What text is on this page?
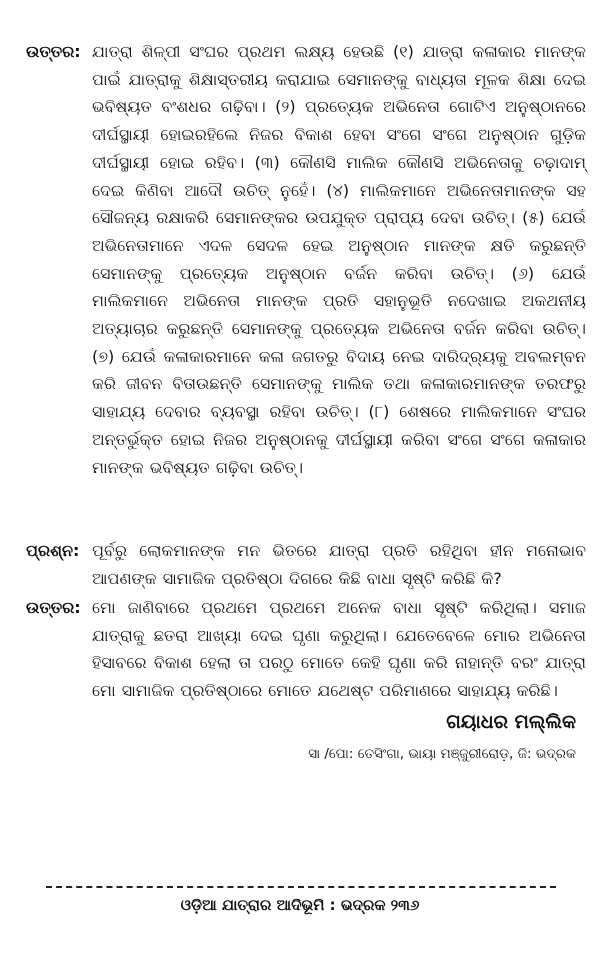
ଉତ୍ତର: ଯାତ୍ରା ଶିଳ୍ପୀ ସଂଘର ପ୍ରଥମ ଲକ୍ଷ୍ୟ ହେଉଛି (୧) ଯାତ୍ରା କଳାକାର ମାନଙ୍କ ପାଇଁ ଯାତ୍ରାକୁ ଶିକ୍ଷାସ୍ତରୀୟ କରାଯାଇ ସେମାନଙ୍କୁ ବାଧ୍ୟତା ମୂଳକ ଶିକ୍ଷା ଦେଇ ଭବିଷ୍ୟତ ବଂଶଧର ଗଢ଼ିବା। (୨) ପ୍ରତ୍ୟେକ ଅଭିନେତା ଗୋଟିଏ ଅନୁଷ୍ଠାନରେ ଦୀର୍ଘସ୍ଥାୟୀ ହୋଇରହିଲେ ନିଜର ବିକାଶ ହେବା ସଂଗେ ସଂଗେ ଅନୁଷ୍ଠାନ ଗୁଡ଼ିକ ଦୀର୍ଘସ୍ଥାୟୀ ହୋଇ ରହିବ। (୩) କୌଣସି ମାଲିକ କୌଣସି ଅଭିନେତାକୁ ଚଢ଼ାଦାମ୍ ଦେଇ କିଣିବା ଆଦୌ ଉଚିତ୍ ନୁହେଁ। (୪) ମାଲିକମାନେ ଅଭିନେତାମାନଙ୍କ ସହ ସୌଜନ୍ୟ ରକ୍ଷାକରି ସେମାନଙ୍କର ଉପଯୁକ୍ତ ପ୍ରାପ୍ୟ ଦେବା ଉଚିତ୍। (୫) ଯେଉଁ ଅଭିନେତାମାନେ ଏଦଳ ସେଦଳ ହେଇ ଅନୁଷ୍ଠାନ ମାନଙ୍କ କ୍ଷତି କରୁଛନ୍ତି ସେମାନଙ୍କୁ ପ୍ରତ୍ୟେକ ଅନୁଷ୍ଠାନ ବର୍ଜନ କରିବା ଉଚିତ୍। (୬) ଯେଉଁ ମାଲିକମାନେ ଅଭିନେତା ମାନଙ୍କ ପ୍ରତି ସହାନୁଭୂତି ନଦେଖାଇ ଅକଥନୀୟ ଅତ୍ୟାଚାର କରୁଛନ୍ତି ସେମାନଙ୍କୁ ପ୍ରତ୍ୟେକ ଅଭିନେତା ବର୍ଜନ କରିବା ଉଚିତ୍। (୭) ଯେଉଁ କଳାକାରମାନେ କଳା ଜଗତରୁ ବିଦାୟ ନେଇ ଦାରିଦ୍ର୍ୟକୁ ଅବଲମ୍ବନ କରି ଜୀବନ ବିତାଉଛନ୍ତି ସେମାନଙ୍କୁ ମାଲିକ ତଥା କଳାକାରମାନଙ୍କ ତରଫରୁ ସାହାଯ୍ୟ ଦେବାର ବ୍ୟବସ୍ଥା ରହିବା ଉଚିତ୍। (୮) ଶେଷରେ ମାଲିକମାନେ ସଂଘର ଅନ୍ତର୍ଭୁକ୍ତ ହୋଇ ନିଜର ଅନୁଷ୍ଠାନକୁ ଦୀର୍ଘସ୍ଥାୟୀ କରିବା ସଂଗେ ସଂଗେ କଳାକାର ମାନଙ୍କ ଭବିଷ୍ୟତ ଗଢ଼ିବା ଉଚିତ୍।
ପ୍ରଶ୍ନ: ପୂର୍ବରୁ ଲୋକମାନଙ୍କ ମନ ଭିତରେ ଯାତ୍ରା ପ୍ରତି ରହିଥିବା ହୀନ ମନୋଭାବ ଆପଣଙ୍କ ସାମାଜିକ ପ୍ରତିଷ୍ଠା ଦିଗରେ କିଛି ବାଧା ସୃଷ୍ଟି କରିଛି କି?
ଉତ୍ତର: ମୋ ଜାଣିବାରେ ପ୍ରଥମେ ପ୍ରଥମେ ଅନେକ ବାଧା ସୃଷ୍ଟି କରିଥିଲା। ସମାଜ ଯାତ୍ରାକୁ ଛତରା ଆଖ୍ୟା ଦେଇ ଘୃଣା କରୁଥିଲା। ଯେତେବେଳେ ମୋର ଅଭିନେତା ହିସାବରେ ବିକାଶ ହେଲା ତା ପରଠୁ ମୋତେ କେହି ଘୃଣା କରି ନାହାନ୍ତି ବରଂ ଯାତ୍ରା ମୋ ସାମାଜିକ ପ୍ରତିଷ୍ଠାରେ ମୋତେ ଯଥେଷ୍ଟ ପରିମାଣରେ ସାହାଯ୍ୟ କରିଛି।
ଗୟାଧର ମଲ୍ଲିକ
ସା /ପୋ: ତେସିଂଗା, ଭାୟା ମଞ୍ଜୁରୀରୋଡ଼, ଜି: ଭଦ୍ରକ
ଓଡ଼ିଆ ଯାତ୍ରାର ଆଦିଭୂମି : ଭଦ୍ରକ ୨୩୬
